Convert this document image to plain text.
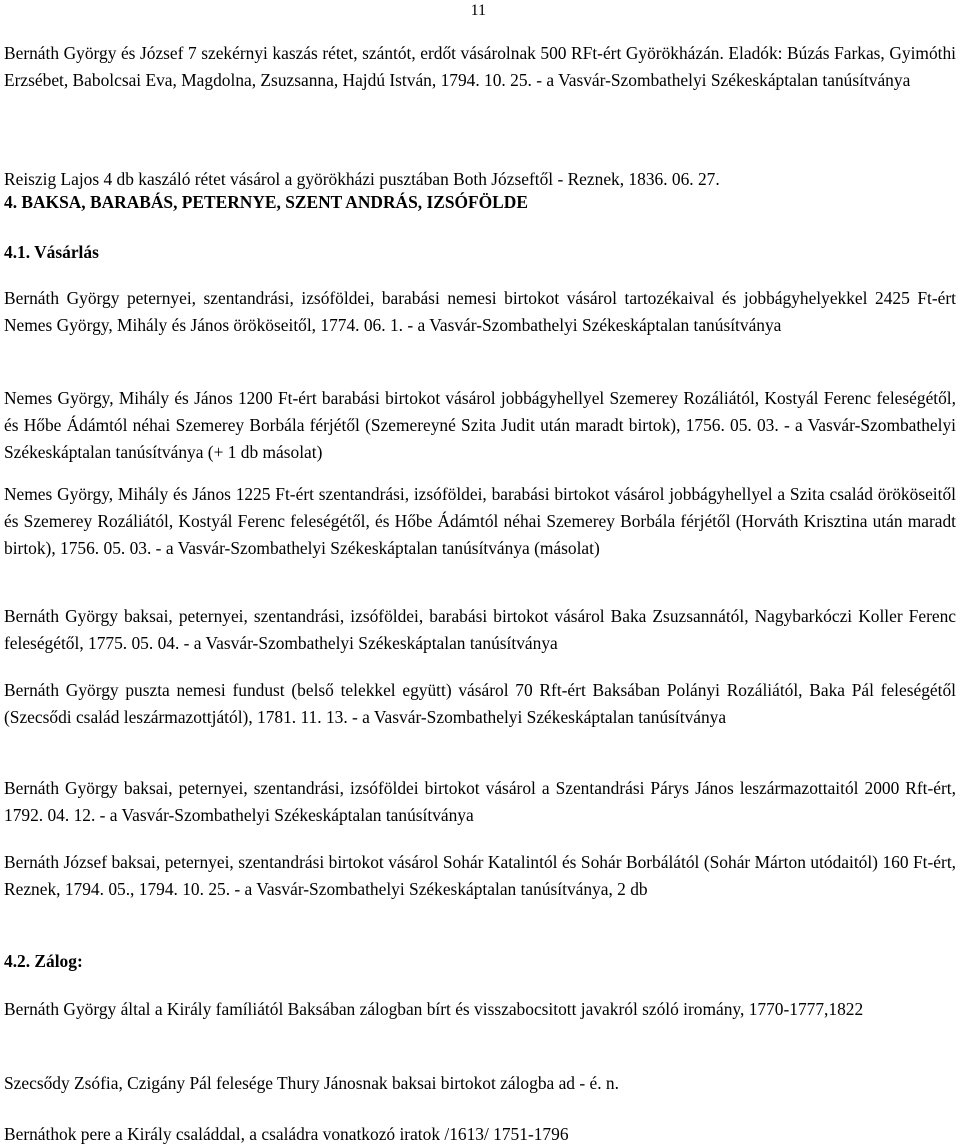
11
Bernáth György és József 7 szekérnyi kaszás rétet, szántót, erdőt vásárolnak 500 RFt-ért Györökházán. Eladók: Búzás Farkas, Gyimóthi Erzsébet, Babolcsai Eva, Magdolna, Zsuzsanna, Hajdú István, 1794. 10. 25. - a Vasvár-Szombathelyi Székeskáptalan tanúsítványa
Reiszig Lajos 4 db kaszáló rétet vásárol a györökházi pusztában Both Józseftől - Reznek, 1836. 06. 27.
4. BAKSA, BARABÁS, PETERNYE, SZENT ANDRÁS, IZSÓFÖLDE
4.1. Vásárlás
Bernáth György peternyei, szentandrási, izsóföldei, barabási nemesi birtokot vásárol tartozékaival és jobbágyhelyekkel 2425 Ft-ért Nemes György, Mihály és János örököseitől, 1774. 06. 1. - a Vasvár-Szombathelyi Székeskáptalan tanúsítványa
Nemes György, Mihály és János 1200 Ft-ért barabási birtokot vásárol jobbágyhellyel Szemerey Rozáliától, Kostyál Ferenc feleségétől, és Hőbe Ádámtól néhai Szemerey Borbála férjétől (Szemereyné Szita Judit után maradt birtok), 1756. 05. 03. - a Vasvár-Szombathelyi Székeskáptalan tanúsítványa (+ 1 db másolat)
Nemes György, Mihály és János 1225 Ft-ért szentandrási, izsóföldei, barabási birtokot vásárol jobbágyhellyel a Szita család örököseitől és Szemerey Rozáliától, Kostyál Ferenc feleségétől, és Hőbe Ádámtól néhai Szemerey Borbála férjétől (Horváth Krisztina után maradt birtok), 1756. 05. 03. - a Vasvár-Szombathelyi Székeskáptalan tanúsítványa (másolat)
Bernáth György baksai, peternyei, szentandrási, izsóföldei, barabási birtokot vásárol Baka Zsuzsannától, Nagybarkóczi Koller Ferenc feleségétől, 1775. 05. 04. - a Vasvár-Szombathelyi Székeskáptalan tanúsítványa
Bernáth György puszta nemesi fundust (belső telekkel együtt) vásárol 70 Rft-ért Baksában Polányi Rozáliától, Baka Pál feleségétől (Szecsődi család leszármazottjától), 1781. 11. 13. - a Vasvár-Szombathelyi Székeskáptalan tanúsítványa
Bernáth György baksai, peternyei, szentandrási, izsóföldei birtokot vásárol a Szentandrási Párys János leszármazottaitól 2000 Rft-ért, 1792. 04. 12. - a Vasvár-Szombathelyi Székeskáptalan tanúsítványa
Bernáth József baksai, peternyei, szentandrási birtokot vásárol Sohár Katalintól és Sohár Borbálától (Sohár Márton utódaitól) 160 Ft-ért, Reznek, 1794. 05., 1794. 10. 25. - a Vasvár-Szombathelyi Székeskáptalan tanúsítványa, 2 db
4.2. Zálog:
Bernáth György által a Király famíliától Baksában zálogban bírt és visszabocsitott javakról szóló iromány, 1770-1777,1822
Szecsődy Zsófia, Czigány Pál felesége Thury Jánosnak baksai birtokot zálogba ad - é. n.
Bernáthok pere a Király családdal, a családra vonatkozó iratok /1613/ 1751-1796
